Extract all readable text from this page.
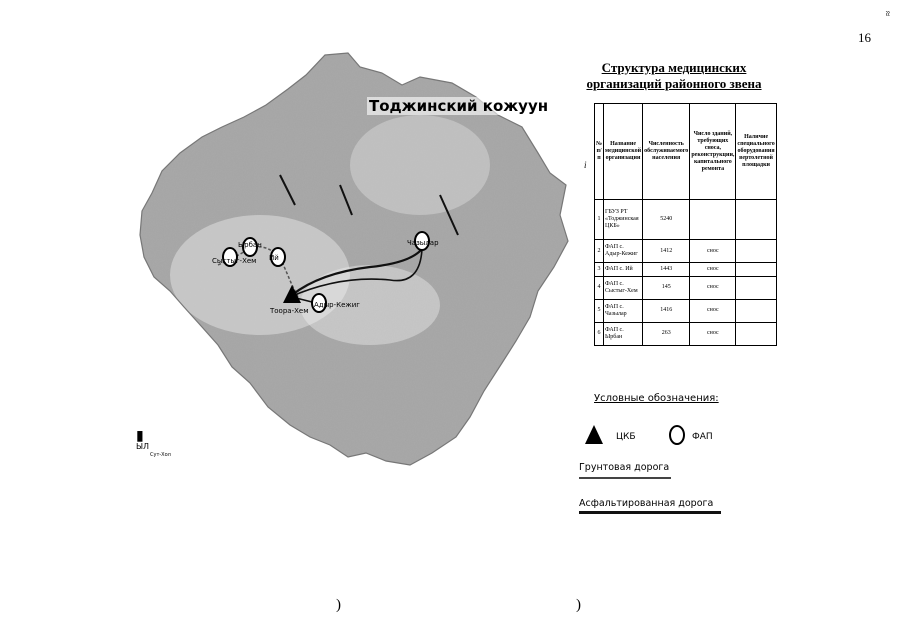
≈
16
Сыстыг-Хем
Ырбан
Ий
Чазылар
Адыр-Кежиг
Тоора-Хем
Тоджинский кожуун
▮
ЫЛ
Сут-Хол
Структура медицинских
организаций районного звена
i
№ п/п	Название медицинской организации	Численность обслуживаемого населения	Число зданий, требующих сноса, реконструкции, капитального ремонта	Наличие специального оборудования вертолетной площадки
1	ГБУЗ РТ «Тоджинская ЦКБ»	5240		
2	ФАП с. Адыр-Кежиг	1412	снос	
3	ФАП с. Ий	1443	снос	
4	ФАП с. Сыстыг-Хем	145	снос	
5	ФАП с. Чазылар	1416	снос	
6	ФАП с. Ырбан	263	снос	
Условные обозначения:
ЦКБ	ФАП
Грунтовая дорога
Асфальтированная дорога
)	)
